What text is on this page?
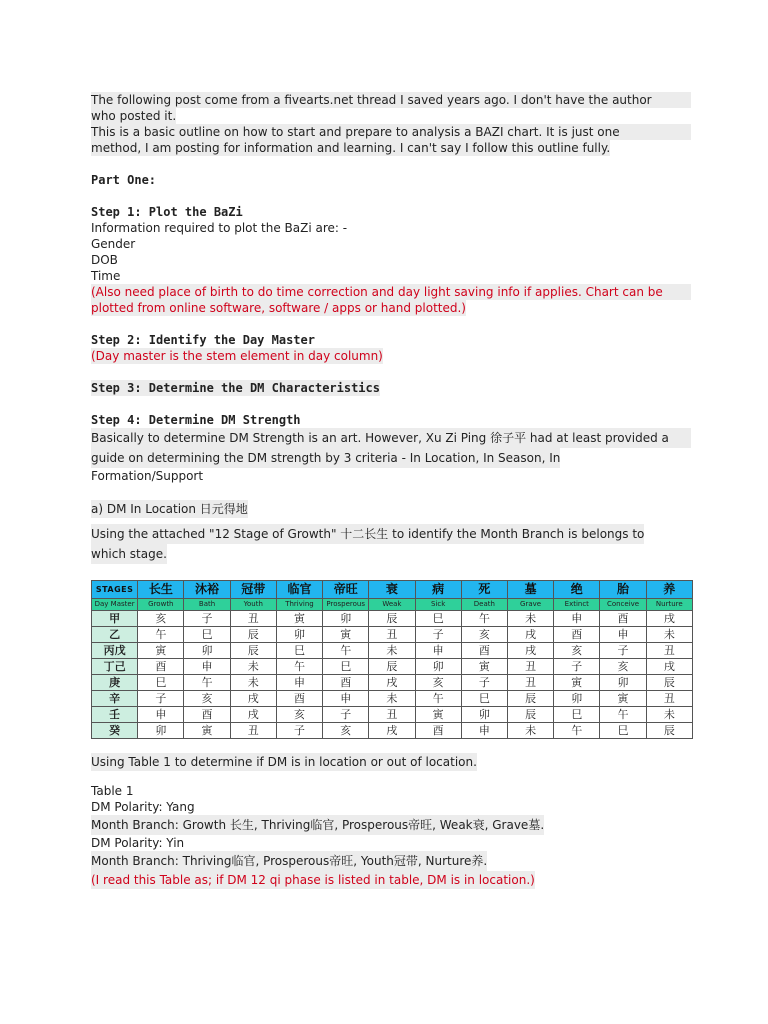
The following post come from a fivearts.net thread I saved years ago. I don't have the author

who posted it.

This is a basic outline on how to start and prepare to analysis a BAZI chart. It is just one

method, I am posting for information and learning. I can't say I follow this outline fully.

Part One:

Step 1: Plot the BaZi

Information required to plot the BaZi are: -

Gender

DOB

Time

(Also need place of birth to do time correction and day light saving info if applies. Chart can be

plotted from online software, software / apps or hand plotted.)

Step 2: Identify the Day Master

(Day master is the stem element in day column)

Step 3: Determine the DM Characteristics

Step 4: Determine DM Strength

Basically to determine DM Strength is an art. However, Xu Zi Ping 徐子平 had at least provided a

guide on determining the DM strength by 3 criteria - In Location, In Season, In

Formation/Support

a) DM In Location 日元得地

Using the attached "12 Stage of Growth" 十二长生 to identify the Month Branch is belongs to

which stage.

STAGES	长生	沐裕	冠带	临官	帝旺	衰	病	死	墓	绝	胎	养
Day Master	Growth	Bath	Youth	Thriving	Prosperous	Weak	Sick	Death	Grave	Extinct	Conceive	Nurture
甲	亥	子	丑	寅	卯	辰	巳	午	未	申	酉	戌
乙	午	巳	辰	卯	寅	丑	子	亥	戌	酉	申	未
丙戊	寅	卯	辰	巳	午	未	申	酉	戌	亥	子	丑
丁己	酉	申	未	午	巳	辰	卯	寅	丑	子	亥	戌
庚	巳	午	未	申	酉	戌	亥	子	丑	寅	卯	辰
辛	子	亥	戌	酉	申	未	午	巳	辰	卯	寅	丑
壬	申	酉	戌	亥	子	丑	寅	卯	辰	巳	午	未
癸	卯	寅	丑	子	亥	戌	酉	申	未	午	巳	辰

Using Table 1 to determine if DM is in location or out of location.

Table 1

DM Polarity: Yang

Month Branch: Growth 长生, Thriving临官, Prosperous帝旺, Weak衰, Grave墓.

DM Polarity: Yin

Month Branch: Thriving临官, Prosperous帝旺, Youth冠带, Nurture养.

(I read this Table as; if DM 12 qi phase is listed in table, DM is in location.)
